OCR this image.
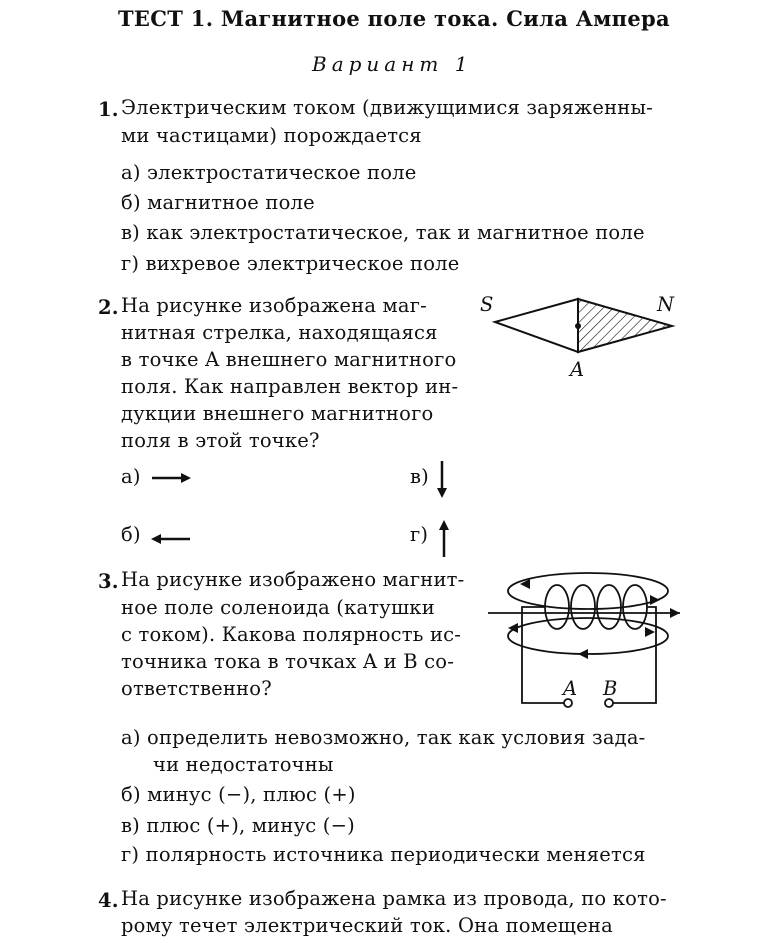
ТЕСТ 1. Магнитное поле тока. Сила Ампера
Вариант 1
1. Электрическим током (движущимися заряженны-
ми частицами) порождается
а) электростатическое поле
б) магнитное поле
в) как электростатическое, так и магнитное поле
г) вихревое электрическое поле
2. На рисунке изображена маг-
нитная стрелка, находящаяся
в точке A внешнего магнитного
поля. Как направлен вектор ин-
дукции внешнего магнитного
поля в этой точке?
S	N
A
а)	в)
б)	г)
3. На рисунке изображено магнит-
ное поле соленоида (катушки
с током). Какова полярность ис-
точника тока в точках A и B со-
ответственно?	A B
а) определить невозможно, так как условия зада-
чи недостаточны
б) минус (−), плюс (+)
в) плюс (+), минус (−)
г) полярность источника периодически меняется
4. На рисунке изображена рамка из провода, по кото-
рому течет электрический ток. Она помещена
